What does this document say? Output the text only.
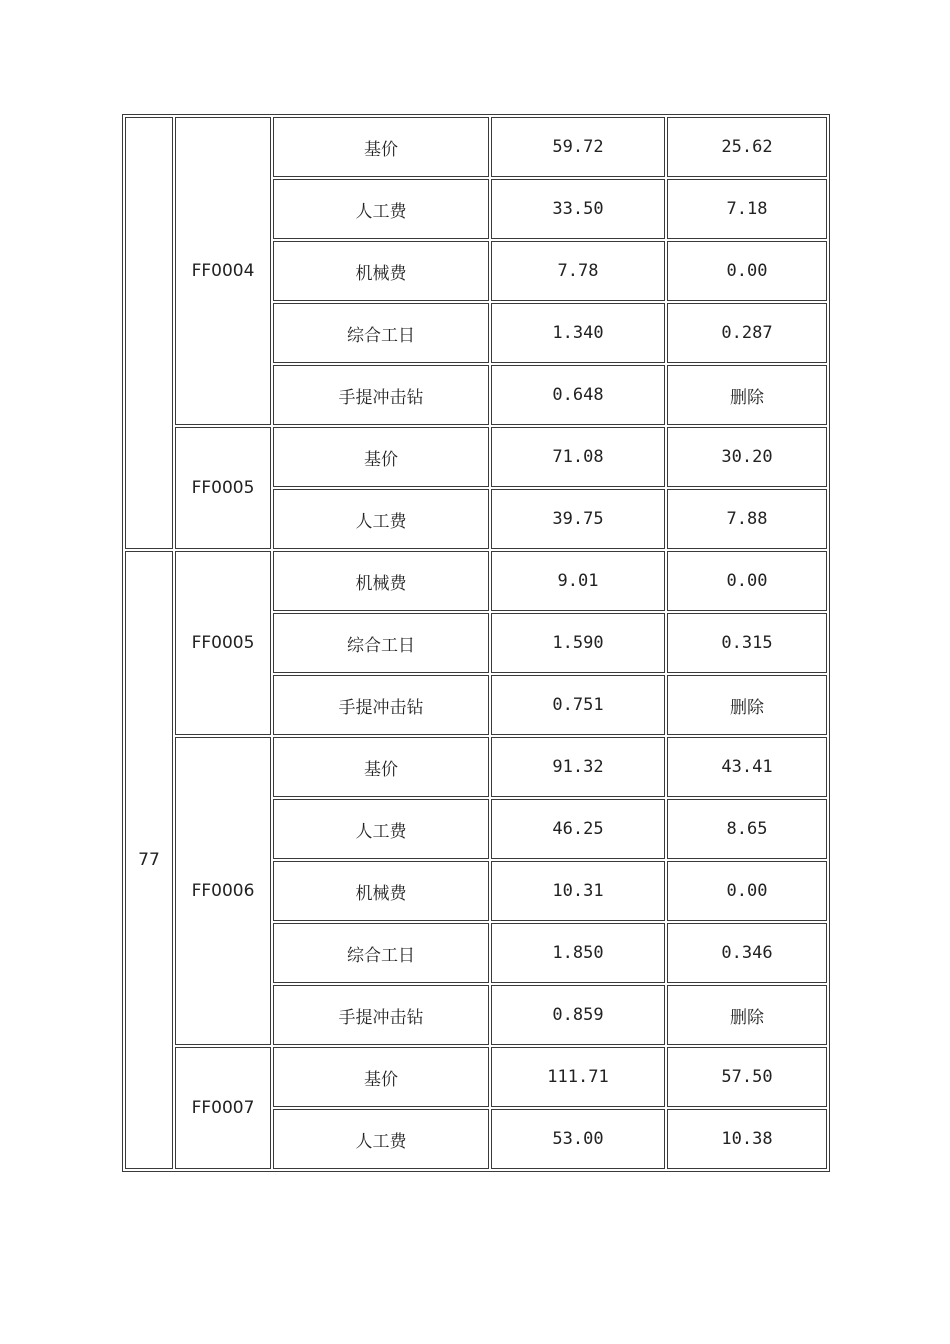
	FF0004	基价	59.72	25.62
		人工费	33.50	7.18
		机械费	7.78	0.00
		综合工日	1.340	0.287
		手提冲击钻	0.648	删除
	FF0005	基价	71.08	30.20
		人工费	39.75	7.88
77	FF0005	机械费	9.01	0.00
		综合工日	1.590	0.315
		手提冲击钻	0.751	删除
	FF0006	基价	91.32	43.41
		人工费	46.25	8.65
		机械费	10.31	0.00
		综合工日	1.850	0.346
		手提冲击钻	0.859	删除
	FF0007	基价	111.71	57.50
		人工费	53.00	10.38
